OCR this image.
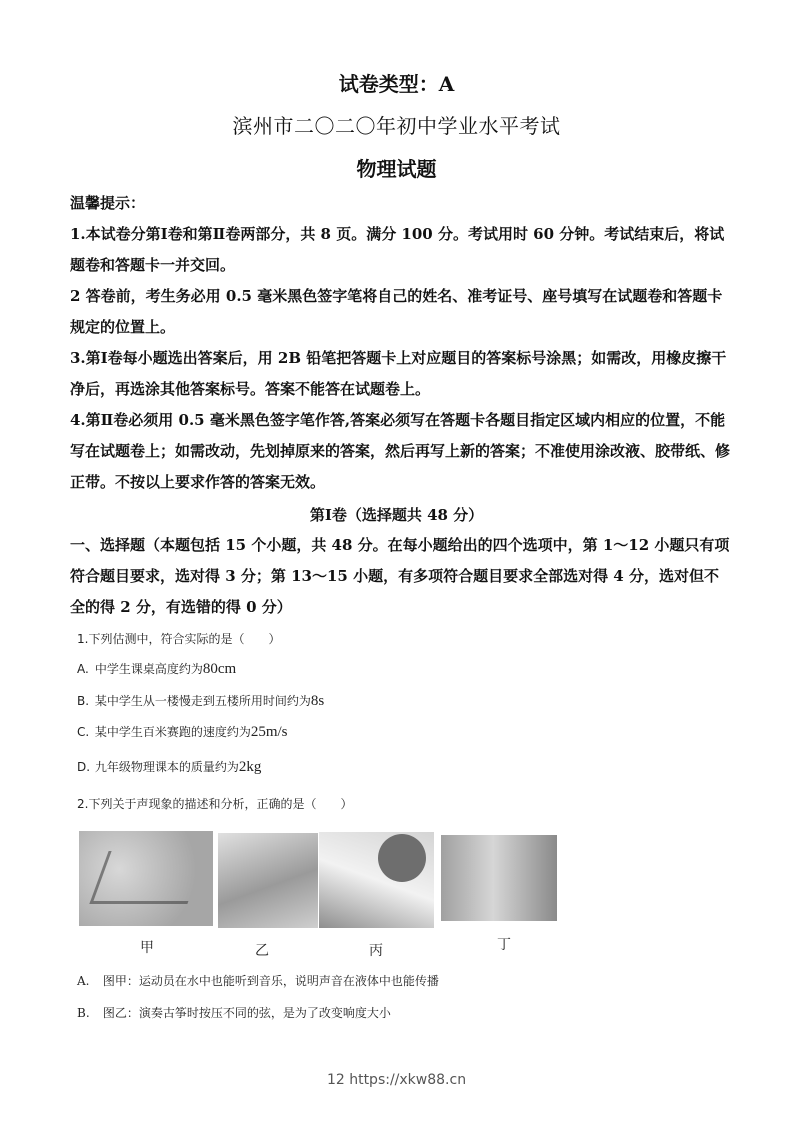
试卷类型：A
滨州市二〇二〇年初中学业水平考试
物理试题

温馨提示：

1.本试卷分第Ⅰ卷和第Ⅱ卷两部分，共 8 页。满分 100 分。考试用时 60 分钟。考试结束后，将试题卷和答题卡一并交回。

2 答卷前，考生务必用 0.5 毫米黑色签字笔将自己的姓名、准考证号、座号填写在试题卷和答题卡规定的位置上。

3.第Ⅰ卷每小题选出答案后，用 2B 铅笔把答题卡上对应题目的答案标号涂黑；如需改，用橡皮擦干净后，再选涂其他答案标号。答案不能答在试题卷上。

4.第Ⅱ卷必须用 0.5 毫米黑色签字笔作答,答案必须写在答题卡各题目指定区域内相应的位置，不能写在试题卷上；如需改动，先划掉原来的答案，然后再写上新的答案；不准使用涂改液、胶带纸、修正带。不按以上要求作答的答案无效。

第Ⅰ卷（选择题共 48 分）
一、选择题（本题包括 15 个小题，共 48 分。在每小题给出的四个选项中，第 1～12 小题只有项符合题目要求，选对得 3 分；第 13～15 小题，有多项符合题目要求全部选对得 4 分，选对但不全的得 2 分，有选错的得 0 分）
1.下列估测中，符合实际的是（　　）
A. 中学生课桌高度约为80cm
B. 某中学生从一楼慢走到五楼所用时间约为8s
C. 某中学生百米赛跑的速度约为25m/s
D. 九年级物理课本的质量约为2kg
2.下列关于声现象的描述和分析，正确的是（　　）
甲	乙	丙	丁
A. 图甲：运动员在水中也能听到音乐，说明声音在液体中也能传播
B. 图乙：演奏古筝时按压不同的弦，是为了改变响度大小
12 https://xkw88.cn
